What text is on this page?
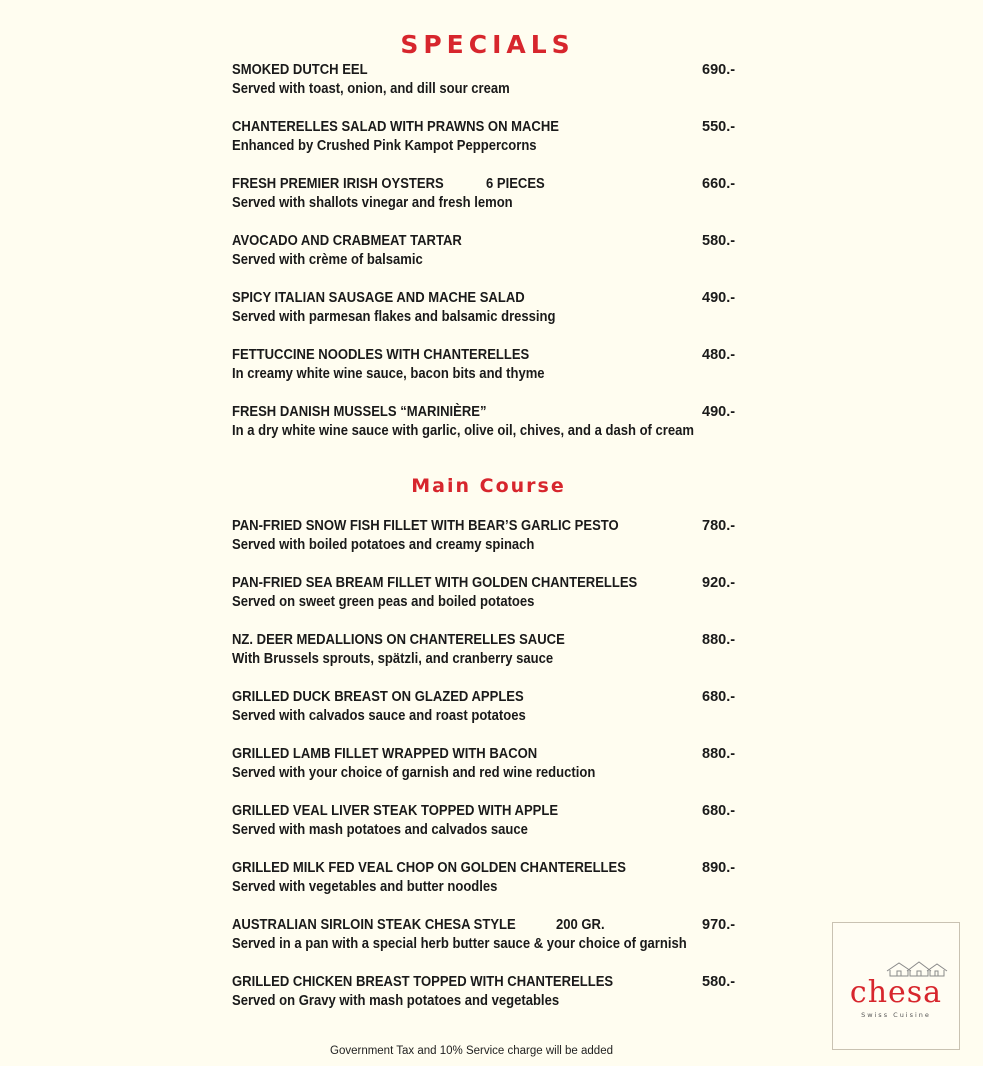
SPECIALS
SMOKED DUTCH EEL	690.-
Served with toast, onion, and dill sour cream
CHANTERELLES SALAD WITH PRAWNS ON MACHE	550.-
Enhanced by Crushed Pink Kampot Peppercorns
FRESH PREMIER IRISH OYSTERS	6 PIECES	660.-
Served with shallots vinegar and fresh lemon
AVOCADO AND CRABMEAT TARTAR	580.-
Served with crème of balsamic
SPICY ITALIAN SAUSAGE AND MACHE SALAD	490.-
Served with parmesan flakes and balsamic dressing
FETTUCCINE NOODLES WITH CHANTERELLES	480.-
In creamy white wine sauce, bacon bits and thyme
FRESH DANISH MUSSELS “MARINIÈRE”	490.-
In a dry white wine sauce with garlic, olive oil, chives, and a dash of cream
Main Course
PAN-FRIED SNOW FISH FILLET WITH BEAR’S GARLIC PESTO	780.-
Served with boiled potatoes and creamy spinach
PAN-FRIED SEA BREAM FILLET WITH GOLDEN CHANTERELLES	920.-
Served on sweet green peas and boiled potatoes
NZ. DEER MEDALLIONS ON CHANTERELLES SAUCE	880.-
With Brussels sprouts, spätzli, and cranberry sauce
GRILLED DUCK BREAST ON GLAZED APPLES	680.-
Served with calvados sauce and roast potatoes
GRILLED LAMB FILLET WRAPPED WITH BACON	880.-
Served with your choice of garnish and red wine reduction
GRILLED VEAL LIVER STEAK TOPPED WITH APPLE	680.-
Served with mash potatoes and calvados sauce
GRILLED MILK FED VEAL CHOP ON GOLDEN CHANTERELLES	890.-
Served with vegetables and butter noodles
AUSTRALIAN SIRLOIN STEAK CHESA STYLE	200 GR.	970.-
Served in a pan with a special herb butter sauce & your choice of garnish
GRILLED CHICKEN BREAST TOPPED WITH CHANTERELLES	580.-
Served on Gravy with mash potatoes and vegetables
Government Tax and 10% Service charge will be added
chesa
Swiss Cuisine
